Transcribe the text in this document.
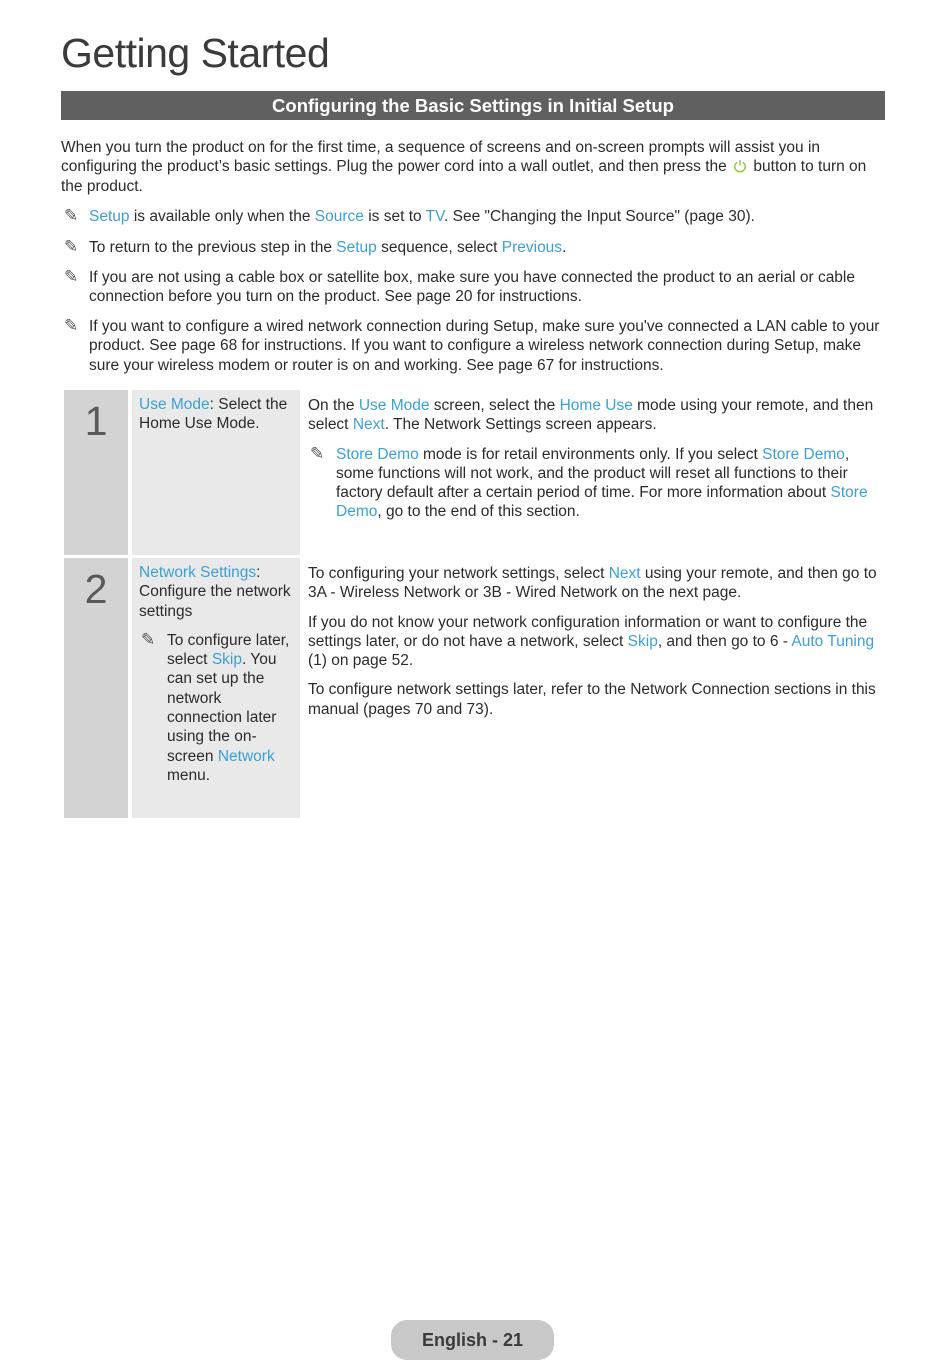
Getting Started
Configuring the Basic Settings in Initial Setup
When you turn the product on for the first time, a sequence of screens and on-screen prompts will assist you in configuring the product’s basic settings. Plug the power cord into a wall outlet, and then press the button to turn on the product.
✎ Setup is available only when the Source is set to TV. See "Changing the Input Source" (page 30).
✎ To return to the previous step in the Setup sequence, select Previous.
✎ If you are not using a cable box or satellite box, make sure you have connected the product to an aerial or cable connection before you turn on the product. See page 20 for instructions.
✎ If you want to configure a wired network connection during Setup, make sure you've connected a LAN cable to your product. See page 68 for instructions. If you want to configure a wireless network connection during Setup, make sure your wireless modem or router is on and working. See page 67 for instructions.
1	Use Mode: Select the Home Use Mode.

On the Use Mode screen, select the Home Use mode using your remote, and then select Next. The Network Settings screen appears.

✎ Store Demo mode is for retail environments only. If you select Store Demo, some functions will not work, and the product will reset all functions to their factory default after a certain period of time. For more information about Store Demo, go to the end of this section.
2	Network Settings: Configure the network settings
✎ To configure later, select Skip. You can set up the network connection later using the on-screen Network menu.

To configuring your network settings, select Next using your remote, and then go to 3A - Wireless Network or 3B - Wired Network on the next page.

If you do not know your network configuration information or want to configure the settings later, or do not have a network, select Skip, and then go to 6 - Auto Tuning (1) on page 52.

To configure network settings later, refer to the Network Connection sections in this manual (pages 70 and 73).

English - 21
